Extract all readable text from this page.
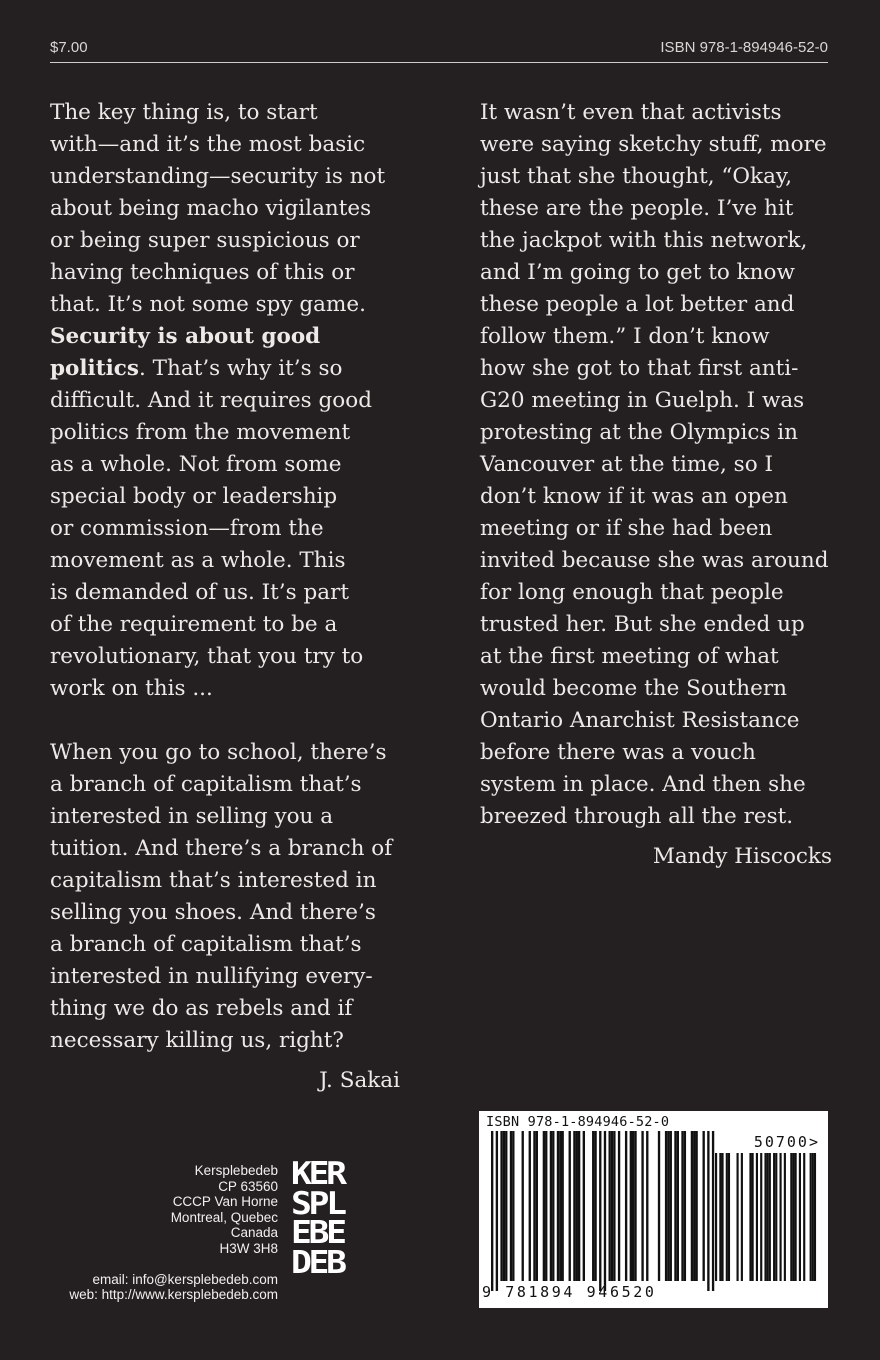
$7.00	ISBN 978-1-894946-52-0

The key thing is, to start
with—and it’s the most basic
understanding—security is not
about being macho vigilantes
or being super suspicious or
having techniques of this or
that. It’s not some spy game.
Security is about good
politics. That’s why it’s so
difficult. And it requires good
politics from the movement
as a whole. Not from some
special body or leadership
or commission—from the
movement as a whole. This
is demanded of us. It’s part
of the requirement to be a
revolutionary, that you try to
work on this ...

When you go to school, there’s
a branch of capitalism that’s
interested in selling you a
tuition. And there’s a branch of
capitalism that’s interested in
selling you shoes. And there’s
a branch of capitalism that’s
interested in nullifying every-
thing we do as rebels and if
necessary killing us, right?

J. Sakai

It wasn’t even that activists
were saying sketchy stuff, more
just that she thought, “Okay,
these are the people. I’ve hit
the jackpot with this network,
and I’m going to get to know
these people a lot better and
follow them.” I don’t know
how she got to that first anti-
G20 meeting in Guelph. I was
protesting at the Olympics in
Vancouver at the time, so I
don’t know if it was an open
meeting or if she had been
invited because she was around
for long enough that people
trusted her. But she ended up
at the first meeting of what
would become the Southern
Ontario Anarchist Resistance
before there was a vouch
system in place. And then she
breezed through all the rest.

Mandy Hiscocks
Kersplebedeb
CP 63560
CCCP Van Horne
Montreal, Quebec
Canada
H3W 3H8
email: info@kersplebedeb.com
web: http://www.kersplebedeb.com
KER
SPL
EBE
DEB
ISBN 978-1-894946-52-0
50700>
9 781894 946520
